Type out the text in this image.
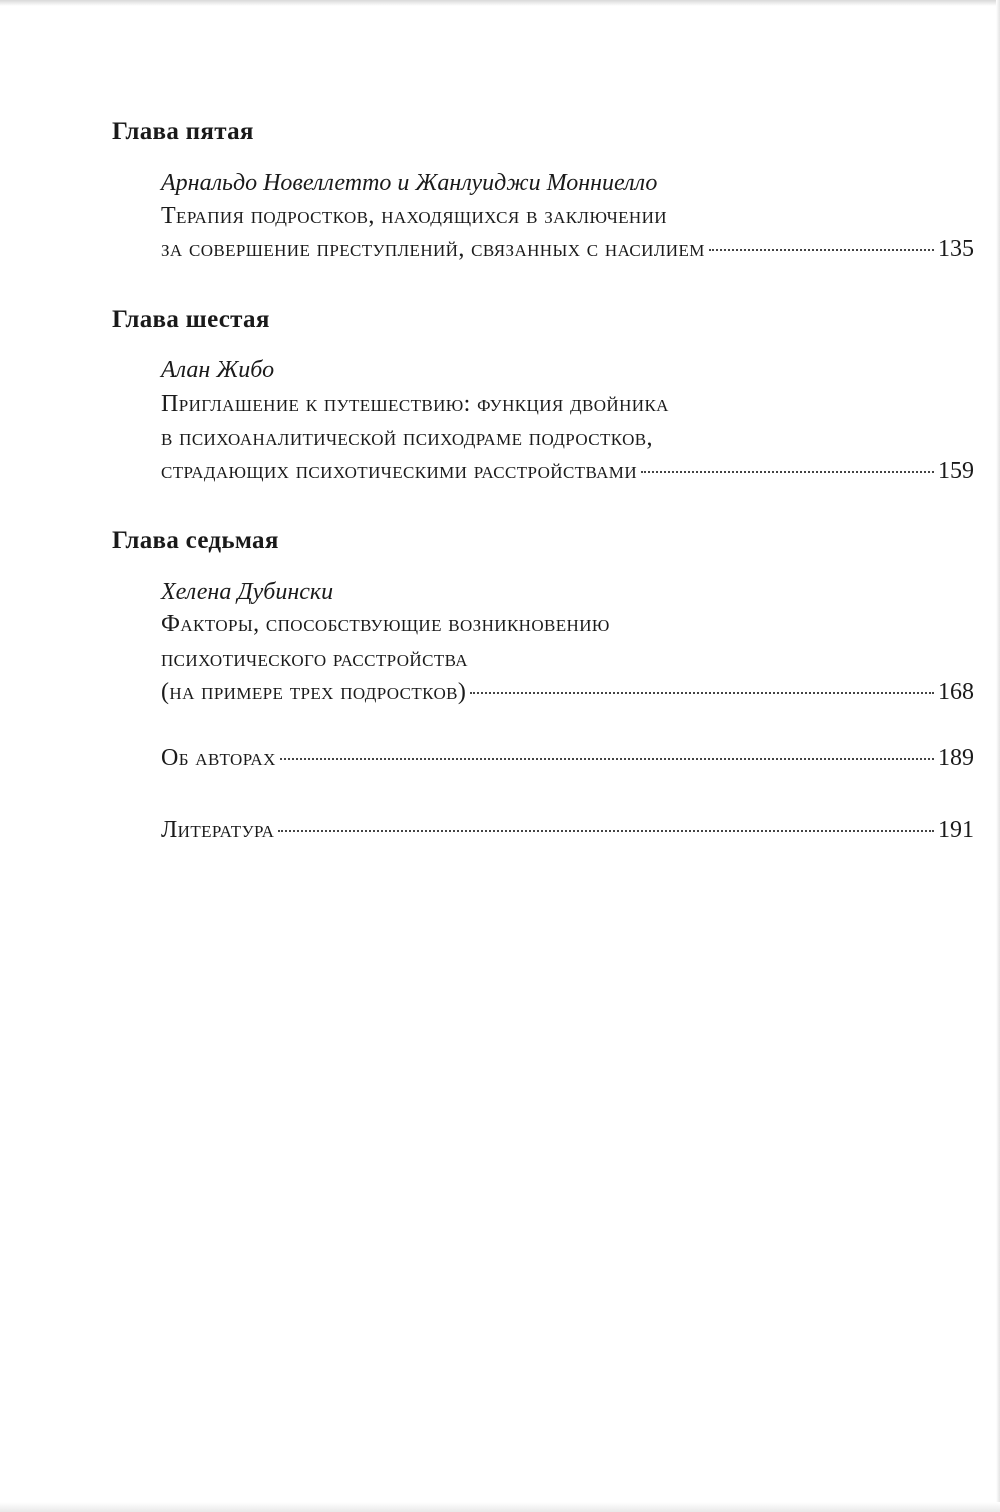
Глава пятая
Арнальдо Новеллетто и Жанлуиджи Монниелло
Терапия подростков, находящихся в заключении
за совершение преступлений, связанных с насилием	135
Глава шестая
Алан Жибо
Приглашение к путешествию: функция двойника
в психоаналитической психодраме подростков,
страдающих психотическими расстройствами	159
Глава седьмая
Хелена Дубински
Факторы, способствующие возникновению
психотического расстройства
(на примере трех подростков)	168
Об авторах	189
Литература	191
